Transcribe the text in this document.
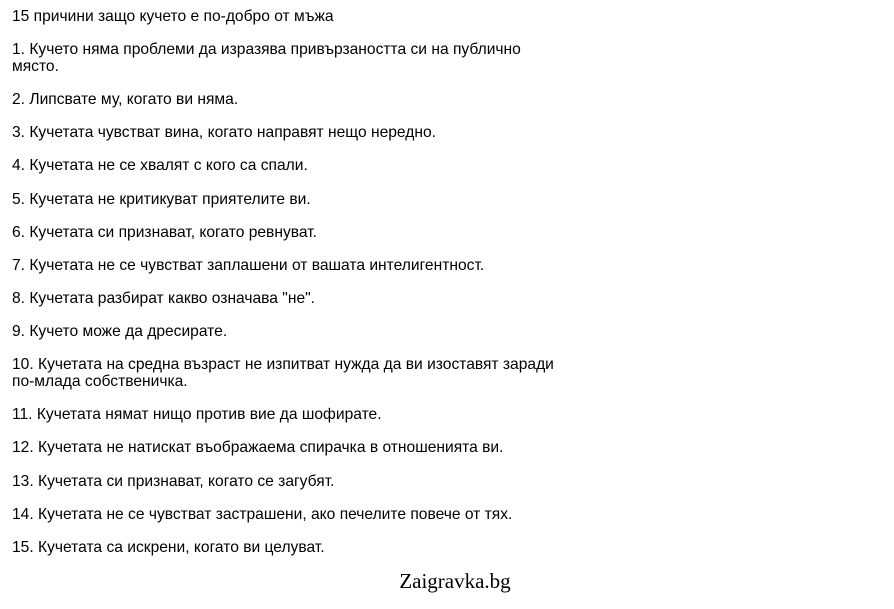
15 причини защо кучето е по-добро от мъжа
1. Кучето няма проблеми да изразява привързаността си на публично място.
2. Липсвате му, когато ви няма.
3. Кучетата чувстват вина, когато направят нещо нередно.
4. Кучетата не се хвалят с кого са спали.
5. Кучетата не критикуват приятелите ви.
6. Кучетата си признават, когато ревнуват.
7. Кучетата не се чувстват заплашени от вашата интелигентност.
8. Кучетата разбират какво означава "не".
9. Кучето може да дресирате.
10. Кучетата на средна възраст не изпитват нужда да ви изоставят заради по-млада собственичка.
11. Кучетата нямат нищо против вие да шофирате.
12. Кучетата не натискат въображаема спирачка в отношенията ви.
13. Кучетата си признават, когато се загубят.
14. Кучетата не се чувстват застрашени, ако печелите повече от тях.
15. Кучетата са искрени, когато ви целуват.
Zaigravka.bg
